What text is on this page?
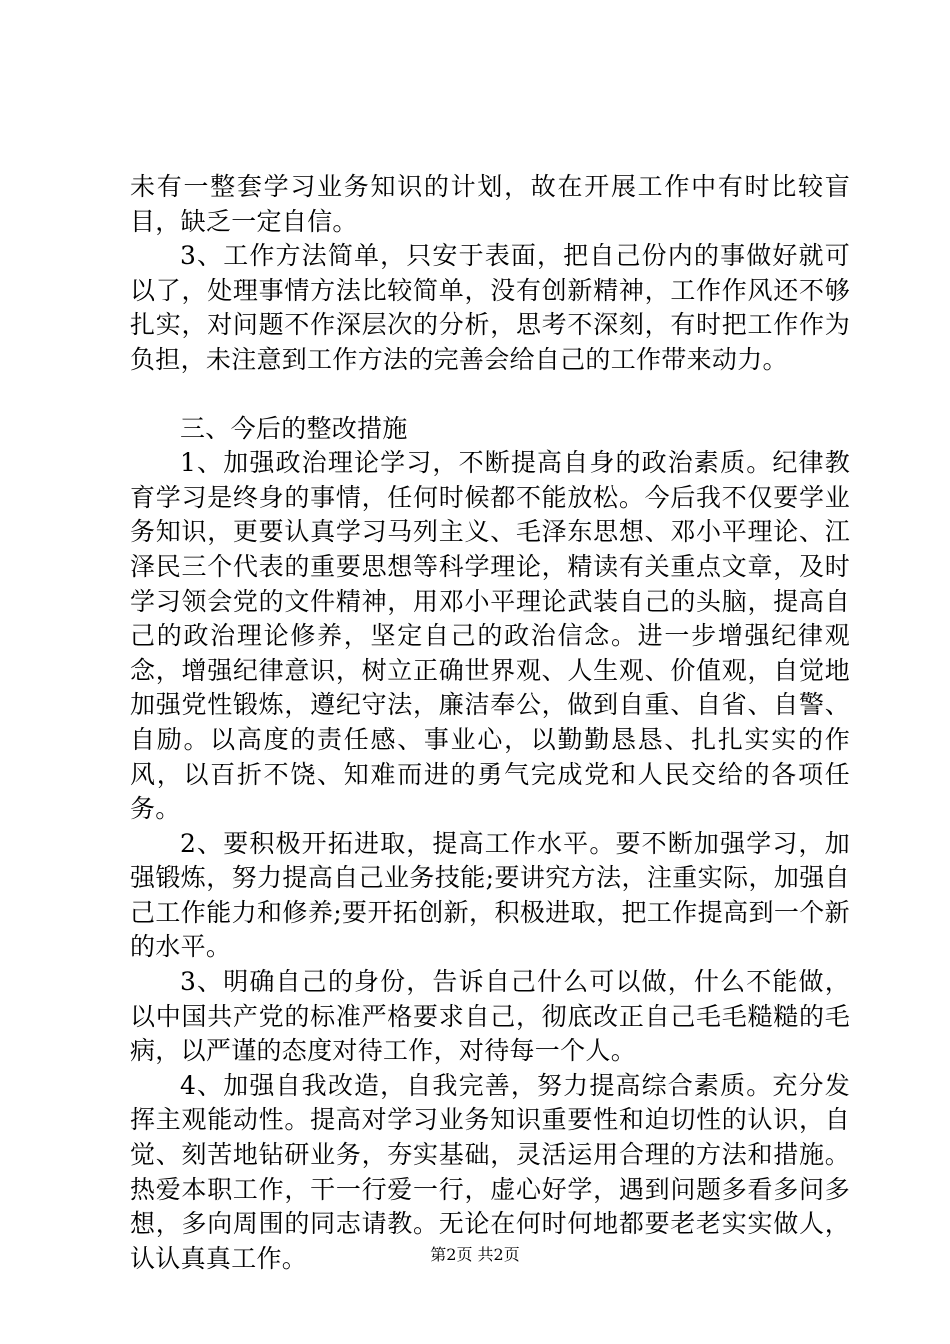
未有一整套学习业务知识的计划，故在开展工作中有时比较盲目，缺乏一定自信。

3、工作方法简单，只安于表面，把自己份内的事做好就可以了，处理事情方法比较简单，没有创新精神，工作作风还不够扎实，对问题不作深层次的分析，思考不深刻，有时把工作作为负担，未注意到工作方法的完善会给自己的工作带来动力。

三、今后的整改措施

1、加强政治理论学习，不断提高自身的政治素质。纪律教育学习是终身的事情，任何时候都不能放松。今后我不仅要学业务知识，更要认真学习马列主义、毛泽东思想、邓小平理论、江泽民三个代表的重要思想等科学理论，精读有关重点文章，及时学习领会党的文件精神，用邓小平理论武装自己的头脑，提高自己的政治理论修养，坚定自己的政治信念。进一步增强纪律观念，增强纪律意识，树立正确世界观、人生观、价值观，自觉地加强党性锻炼，遵纪守法，廉洁奉公，做到自重、自省、自警、自励。以高度的责任感、事业心，以勤勤恳恳、扎扎实实的作风，以百折不饶、知难而进的勇气完成党和人民交给的各项任务。

2、要积极开拓进取，提高工作水平。要不断加强学习，加强锻炼，努力提高自己业务技能;要讲究方法，注重实际，加强自己工作能力和修养;要开拓创新，积极进取，把工作提高到一个新的水平。

3、明确自己的身份，告诉自己什么可以做，什么不能做，以中国共产党的标准严格要求自己，彻底改正自己毛毛糙糙的毛病，以严谨的态度对待工作，对待每一个人。

4、加强自我改造，自我完善，努力提高综合素质。充分发挥主观能动性。提高对学习业务知识重要性和迫切性的认识，自觉、刻苦地钻研业务，夯实基础，灵活运用合理的方法和措施。热爱本职工作，干一行爱一行，虚心好学，遇到问题多看多问多想，多向周围的同志请教。无论在何时何地都要老老实实做人，认认真真工作。	第2页 共2页
